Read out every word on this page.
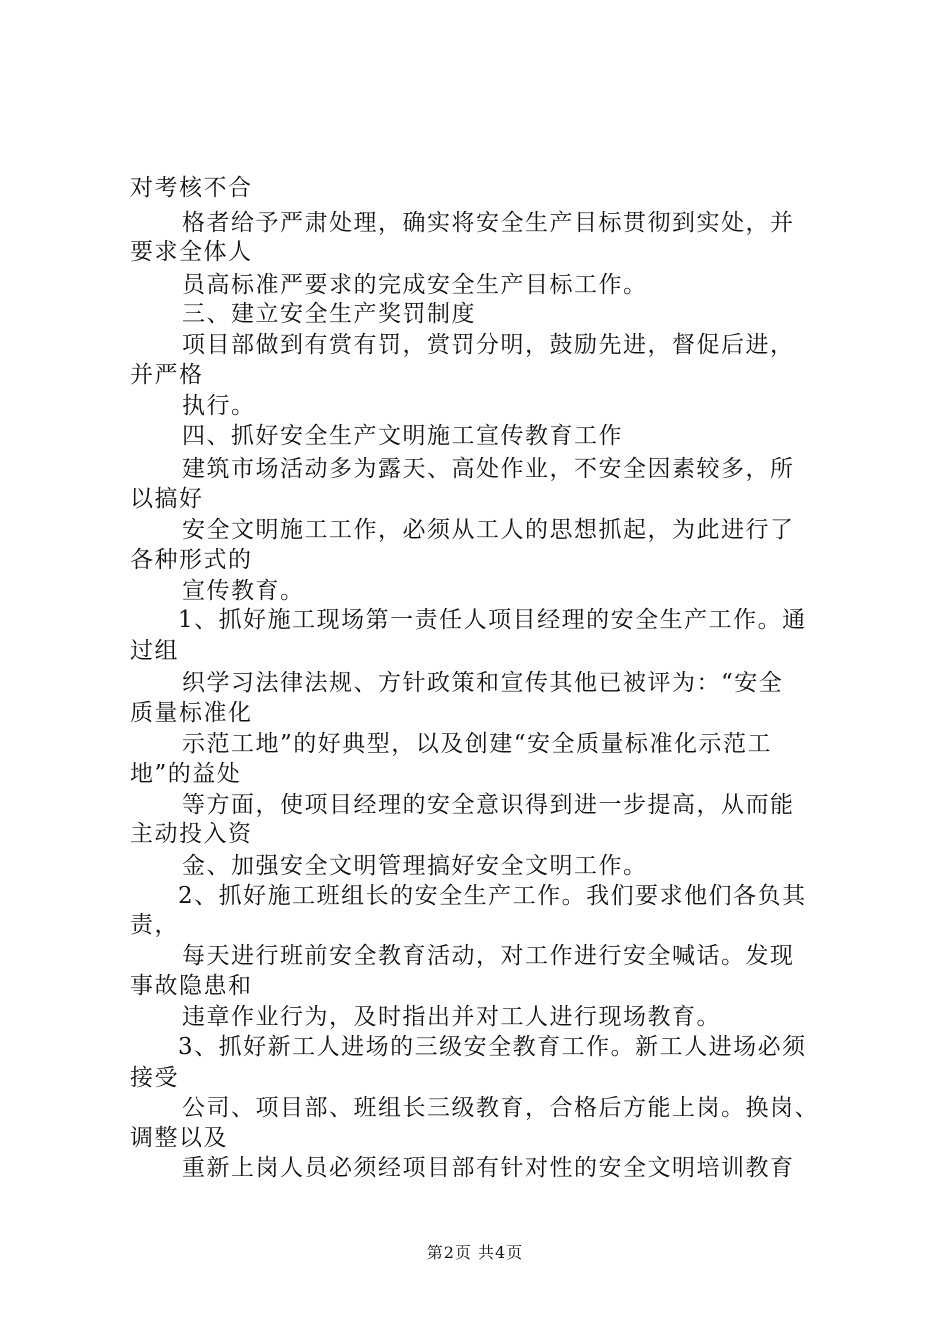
对考核不合
格者给予严肃处理，确实将安全生产目标贯彻到实处，并
要求全体人
员高标准严要求的完成安全生产目标工作。
三、建立安全生产奖罚制度
项目部做到有赏有罚，赏罚分明，鼓励先进，督促后进，
并严格
执行。
四、抓好安全生产文明施工宣传教育工作
建筑市场活动多为露天、高处作业，不安全因素较多，所
以搞好
安全文明施工工作，必须从工人的思想抓起，为此进行了
各种形式的
宣传教育。
1、抓好施工现场第一责任人项目经理的安全生产工作。通
过组
织学习法律法规、方针政策和宣传其他已被评为：“安全
质量标准化
示范工地”的好典型，以及创建“安全质量标准化示范工
地”的益处
等方面，使项目经理的安全意识得到进一步提高，从而能
主动投入资
金、加强安全文明管理搞好安全文明工作。
2、抓好施工班组长的安全生产工作。我们要求他们各负其
责，
每天进行班前安全教育活动，对工作进行安全喊话。发现
事故隐患和
违章作业行为，及时指出并对工人进行现场教育。
3、抓好新工人进场的三级安全教育工作。新工人进场必须
接受
公司、项目部、班组长三级教育，合格后方能上岗。换岗、
调整以及
重新上岗人员必须经项目部有针对性的安全文明培训教育
第2页 共4页
